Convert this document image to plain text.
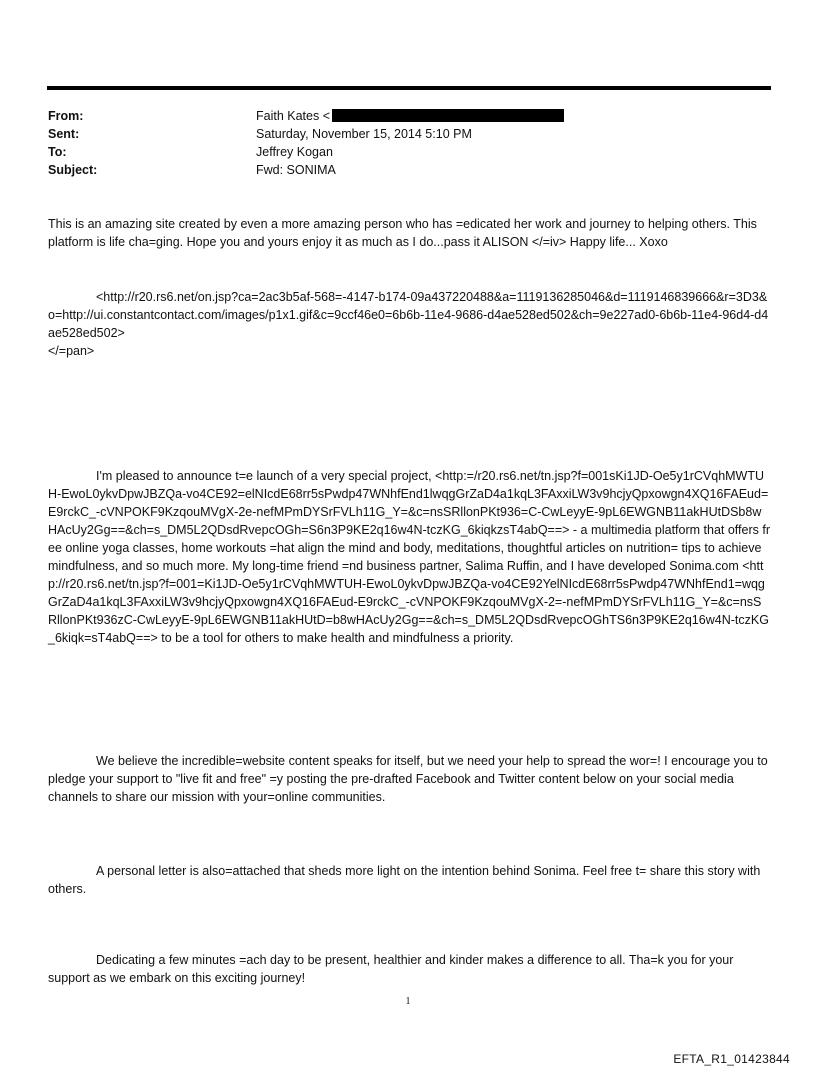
From:	Faith Kates <
Sent:	Saturday, November 15, 2014 5:10 PM
To:	Jeffrey Kogan
Subject:	Fwd: SONIMA

This is an amazing site created by even a more amazing person who has =edicated her work and journey to helping others. This platform is life cha=ging. Hope you and yours enjoy it as much as I do...pass it ALISON </=iv> Happy life... Xoxo

<http://r20.rs6.net/on.jsp?ca=2ac3b5af-568=-4147-b174-09a437220488&a=1119136285046&d=1119146839666&r=3D3&o=http://ui.constantcontact.com/images/p1x1.gif&c=9ccf46e0=6b6b-11e4-9686-d4ae528ed502&ch=9e227ad0-6b6b-11e4-96d4-d4ae528ed502>

</=pan>

I'm pleased to announce t=e launch of a very special project, <http:=/r20.rs6.net/tn.jsp?f=001sKi1JD-Oe5y1rCVqhMWTUH-EwoL0ykvDpwJBZQa-vo4CE92=elNIcdE68rr5sPwdp47WNhfEnd1lwqgGrZaD4a1kqL3FAxxiLW3v9hcjyQpxowgn4XQ16FAEud=E9rckC_-cVNPOKF9KzqouMVgX-2e-nefMPmDYSrFVLh11G_Y=&c=nsSRllonPKt936=C-CwLeyyE-9pL6EWGNB11akHUtDSb8wHAcUy2Gg==&ch=s_DM5L2QDsdRvepcOGh=S6n3P9KE2q16w4N-tczKG_6kiqkzsT4abQ==> - a multimedia platform that offers free online yoga classes, home workouts =hat align the mind and body, meditations, thoughtful articles on nutrition= tips to achieve mindfulness, and so much more. My long-time friend =nd business partner, Salima Ruffin, and I have developed Sonima.com <http://r20.rs6.net/tn.jsp?f=001=Ki1JD-Oe5y1rCVqhMWTUH-EwoL0ykvDpwJBZQa-vo4CE92YelNIcdE68rr5sPwdp47WNhfEnd1=wqgGrZaD4a1kqL3FAxxiLW3v9hcjyQpxowgn4XQ16FAEud-E9rckC_-cVNPOKF9KzqouMVgX-2=-nefMPmDYSrFVLh11G_Y=&c=nsSRllonPKt936zC-CwLeyyE-9pL6EWGNB11akHUtD=b8wHAcUy2Gg==&ch=s_DM5L2QDsdRvepcOGhTS6n3P9KE2q16w4N-tczKG_6kiqk=sT4abQ==> to be a tool for others to make health and mindfulness a priority.

We believe the incredible=website content speaks for itself, but we need your help to spread the wor=! I encourage you to pledge your support to "live fit and free" =y posting the pre-drafted Facebook and Twitter content below on your social media channels to share our mission with your=online communities.

A personal letter is also=attached that sheds more light on the intention behind Sonima. Feel free t= share this story with others.

Dedicating a few minutes =ach day to be present, healthier and kinder makes a difference to all. Tha=k you for your support as we embark on this exciting journey!

1
EFTA_R1_01423844
